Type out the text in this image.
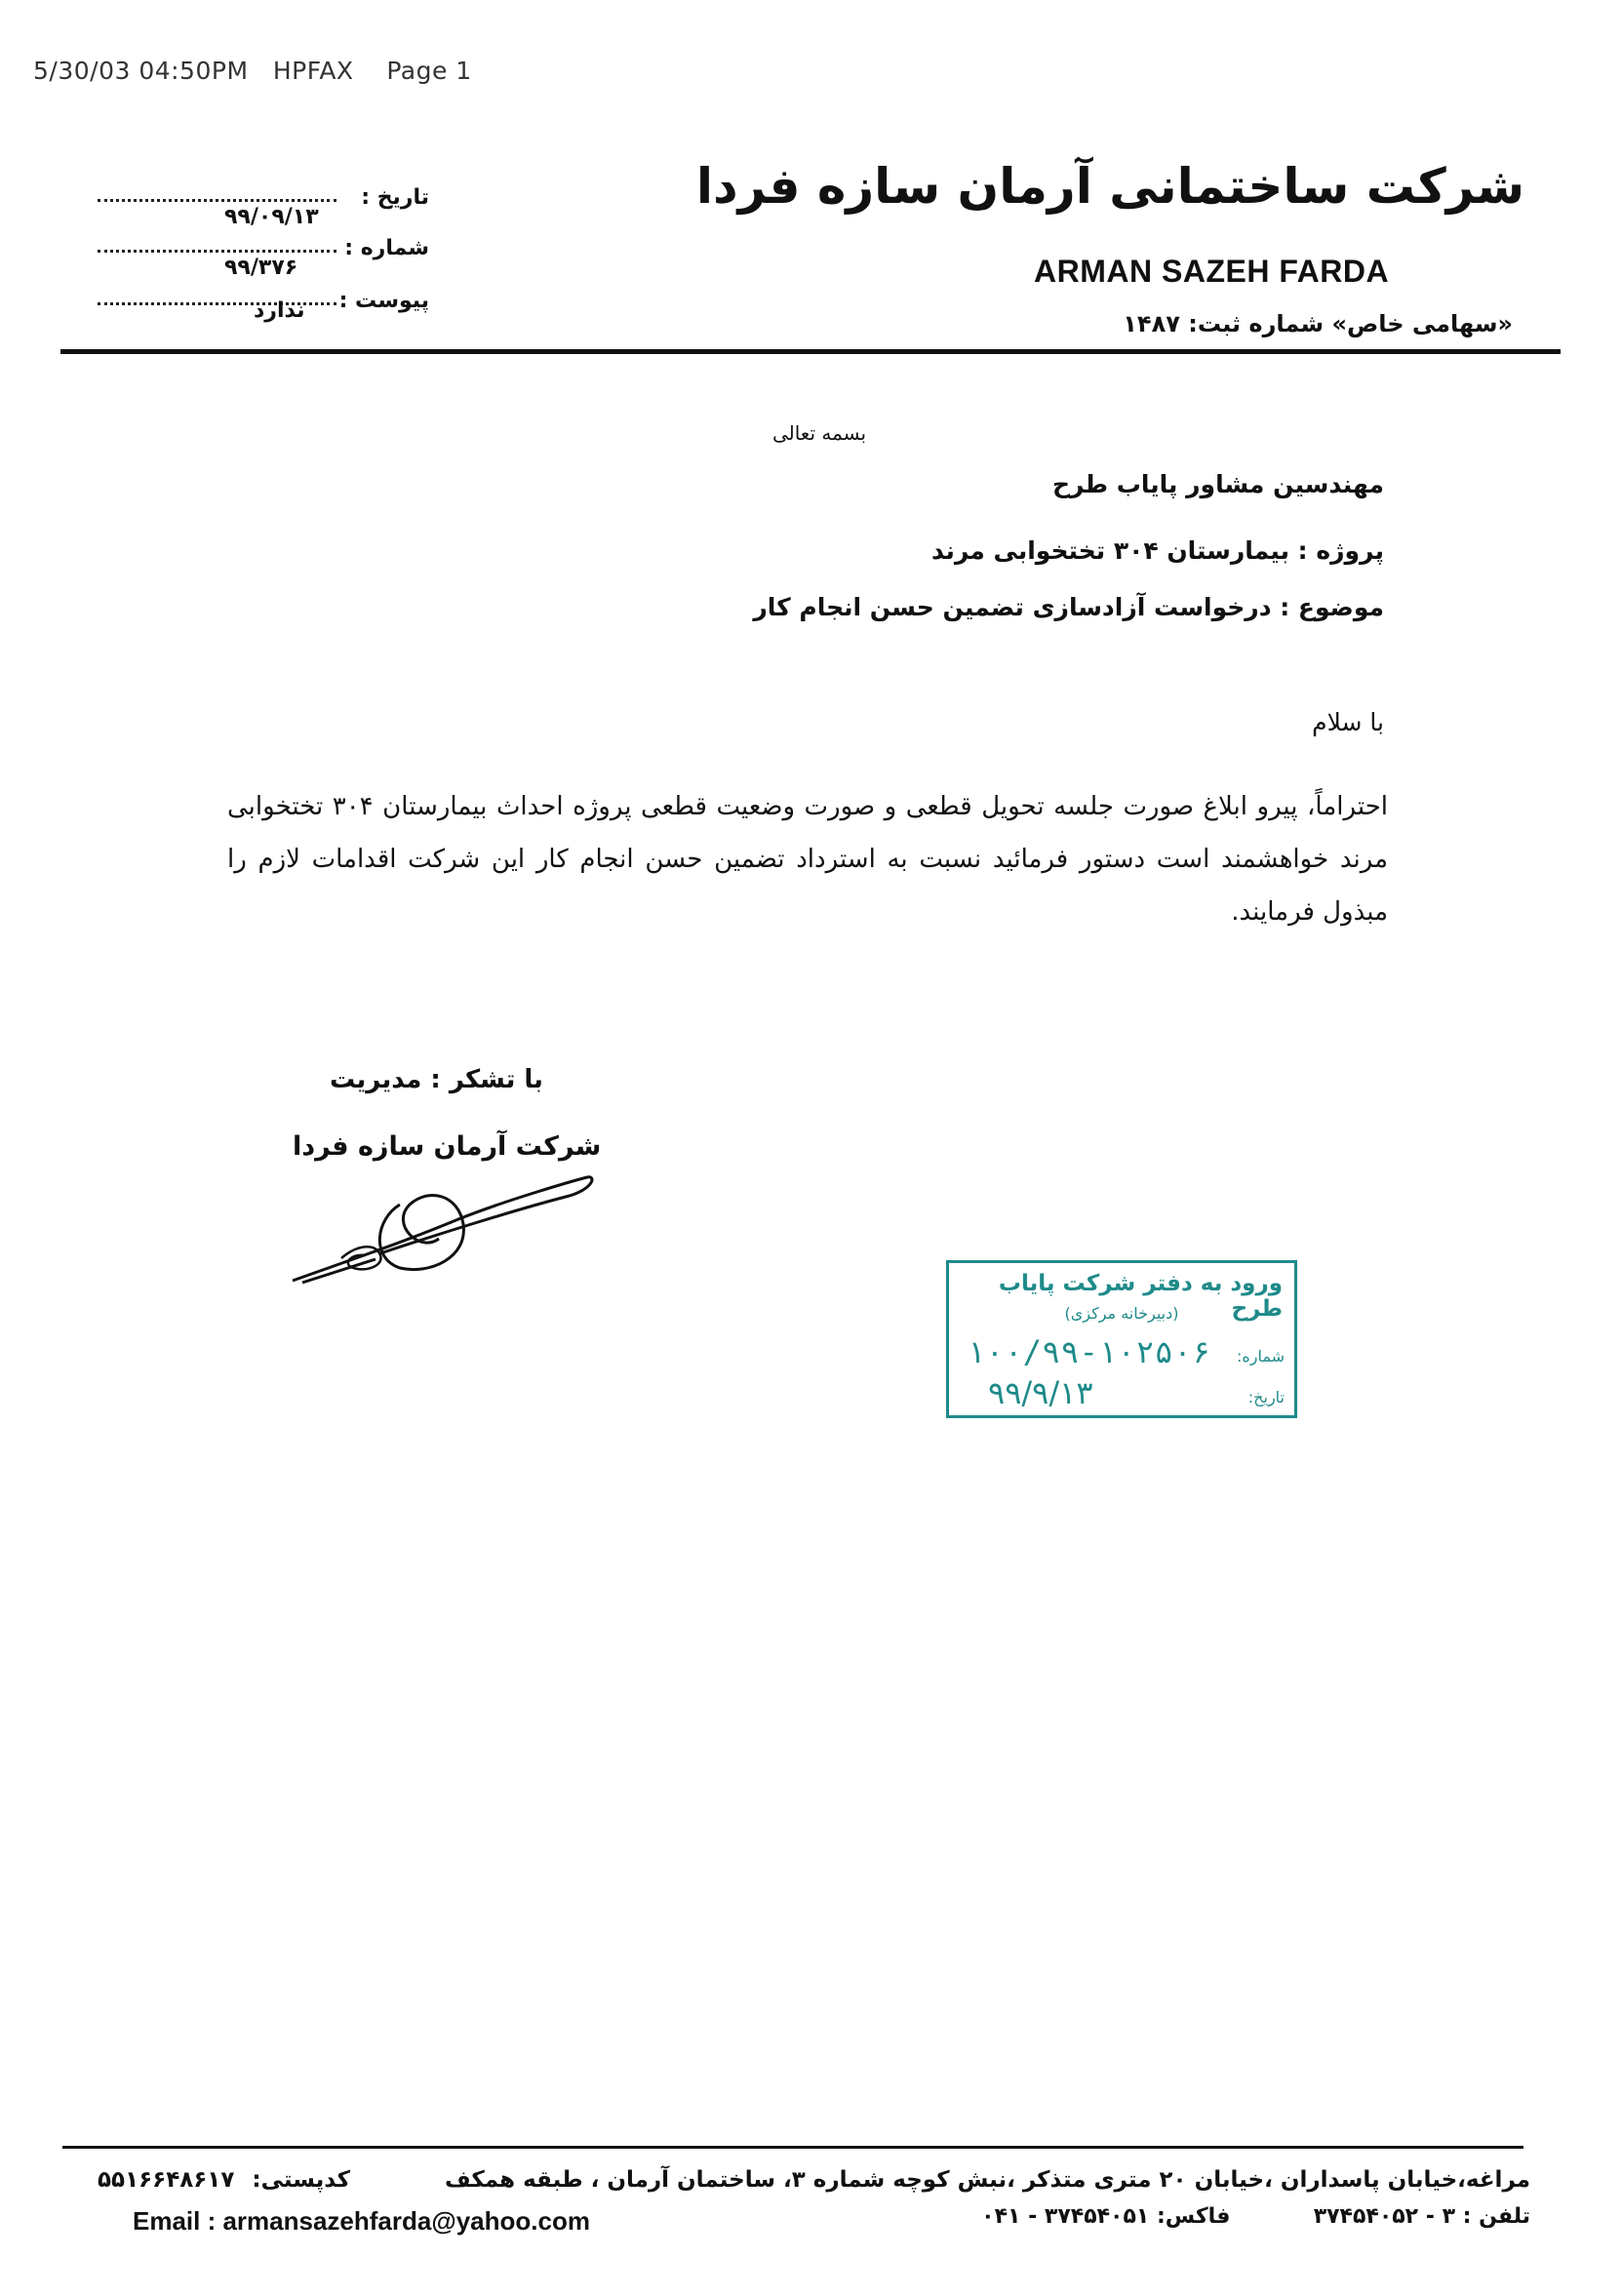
5/30/03 04:50PM   HPFAX    Page 1
شرکت ساختمانی آرمان سازه فردا
ARMAN SAZEH FARDA
«سهامی خاص» شماره ثبت: ۱۴۸۷
تاریخ :
۹۹/۰۹/۱۳
شماره :
۹۹/۳۷۶
پیوست :
ندارد
بسمه تعالی
مهندسین مشاور پایاب طرح
پروژه : بیمارستان ۳۰۴ تختخوابی مرند
موضوع : درخواست آزادسازی تضمین حسن انجام کار
با سلام
احتراماً، پیرو ابلاغ صورت جلسه تحویل قطعی و صورت وضعیت قطعی پروژه احداث بیمارستان ۳۰۴ تختخوابی مرند خواهشمند است دستور فرمائید نسبت به استرداد تضمین حسن انجام کار این شرکت اقدامات لازم را مبذول فرمایند.
با تشکر : مدیریت
شرکت آرمان سازه فردا
ورود به دفتر شرکت پایاب طرح
(دبیرخانه مرکزی)
شماره:
۱۰۰/۹۹-۱۰۲۵۰۶
تاریخ:
۹۹/۹/۱۳
مراغه،خیابان پاسداران ،خیابان ۲۰ متری متذکر ،نبش کوچه شماره ۳، ساختمان آرمان ، طبقه همکف
کدپستی: ۵۵۱۶۶۴۸۶۱۷
تلفن : ۳ - ۳۷۴۵۴۰۵۲  فاکس: ۳۷۴۵۴۰۵۱ - ۰۴۱
Email : armansazehfarda@yahoo.com
